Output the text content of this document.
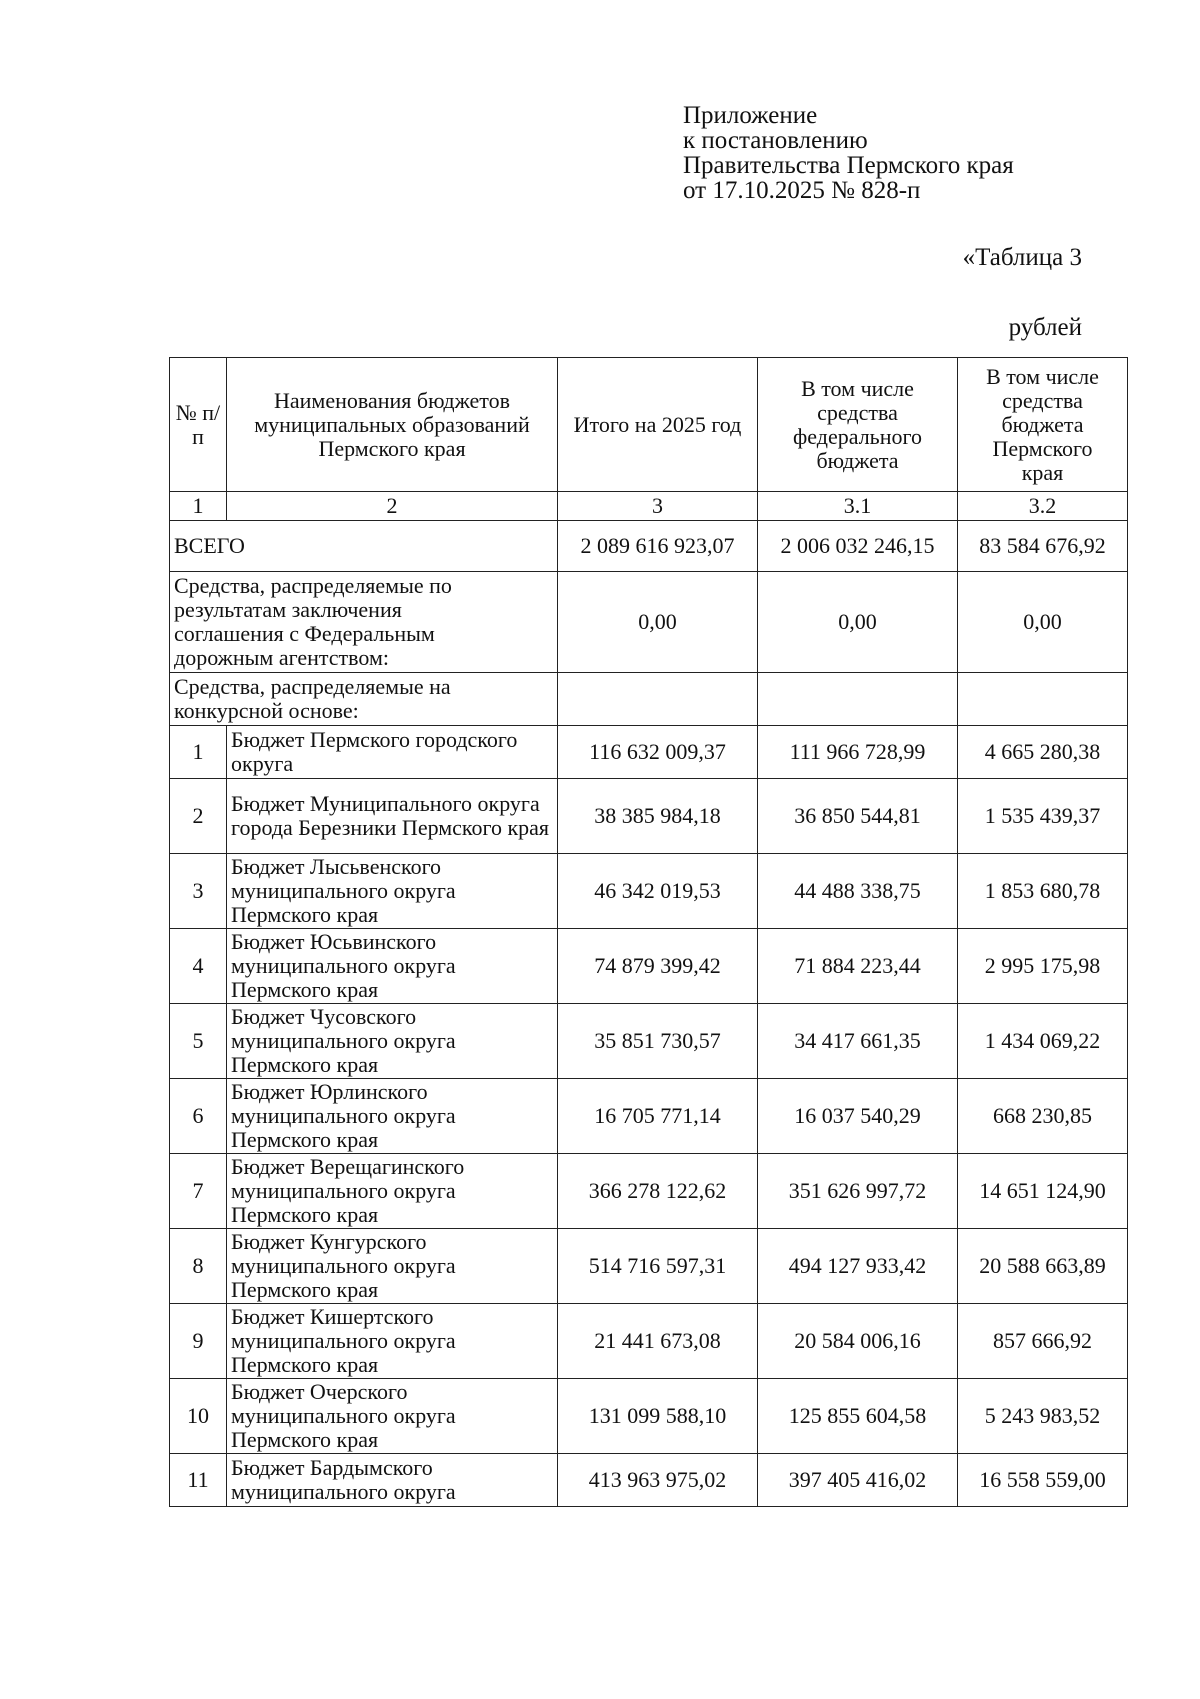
Приложение
к постановлению
Правительства Пермского края
от 17.10.2025 № 828-п
«Таблица 3
рублей
№ п/п	Наименования бюджетов муниципальных образований Пермского края	Итого на 2025 год	В том числе средства федерального бюджета	В том числе средства бюджета Пермского края
1	2	3	3.1	3.2
ВСЕГО		2 089 616 923,07	2 006 032 246,15	83 584 676,92

Средства, распределяемые по результатам заключения соглашения с Федеральным дорожным агентством:		0,00	0,00	0,00

Средства, распределяемые на конкурсной основе:				

1	Бюджет Пермского городского округа	116 632 009,37	111 966 728,99	4 665 280,38
2	Бюджет Муниципального округа города Березники Пермского края	38 385 984,18	36 850 544,81	1 535 439,37
3	Бюджет Лысьвенского муниципального округа Пермского края	46 342 019,53	44 488 338,75	1 853 680,78
4	Бюджет Юсьвинского муниципального округа Пермского края	74 879 399,42	71 884 223,44	2 995 175,98
5	Бюджет Чусовского муниципального округа Пермского края	35 851 730,57	34 417 661,35	1 434 069,22
6	Бюджет Юрлинского муниципального округа Пермского края	16 705 771,14	16 037 540,29	668 230,85
7	Бюджет Верещагинского муниципального округа Пермского края	366 278 122,62	351 626 997,72	14 651 124,90
8	Бюджет Кунгурского муниципального округа Пермского края	514 716 597,31	494 127 933,42	20 588 663,89
9	Бюджет Кишертского муниципального округа Пермского края	21 441 673,08	20 584 006,16	857 666,92
10	Бюджет Очерского муниципального округа Пермского края	131 099 588,10	125 855 604,58	5 243 983,52
11	Бюджет Бардымского муниципального округа	413 963 975,02	397 405 416,02	16 558 559,00
